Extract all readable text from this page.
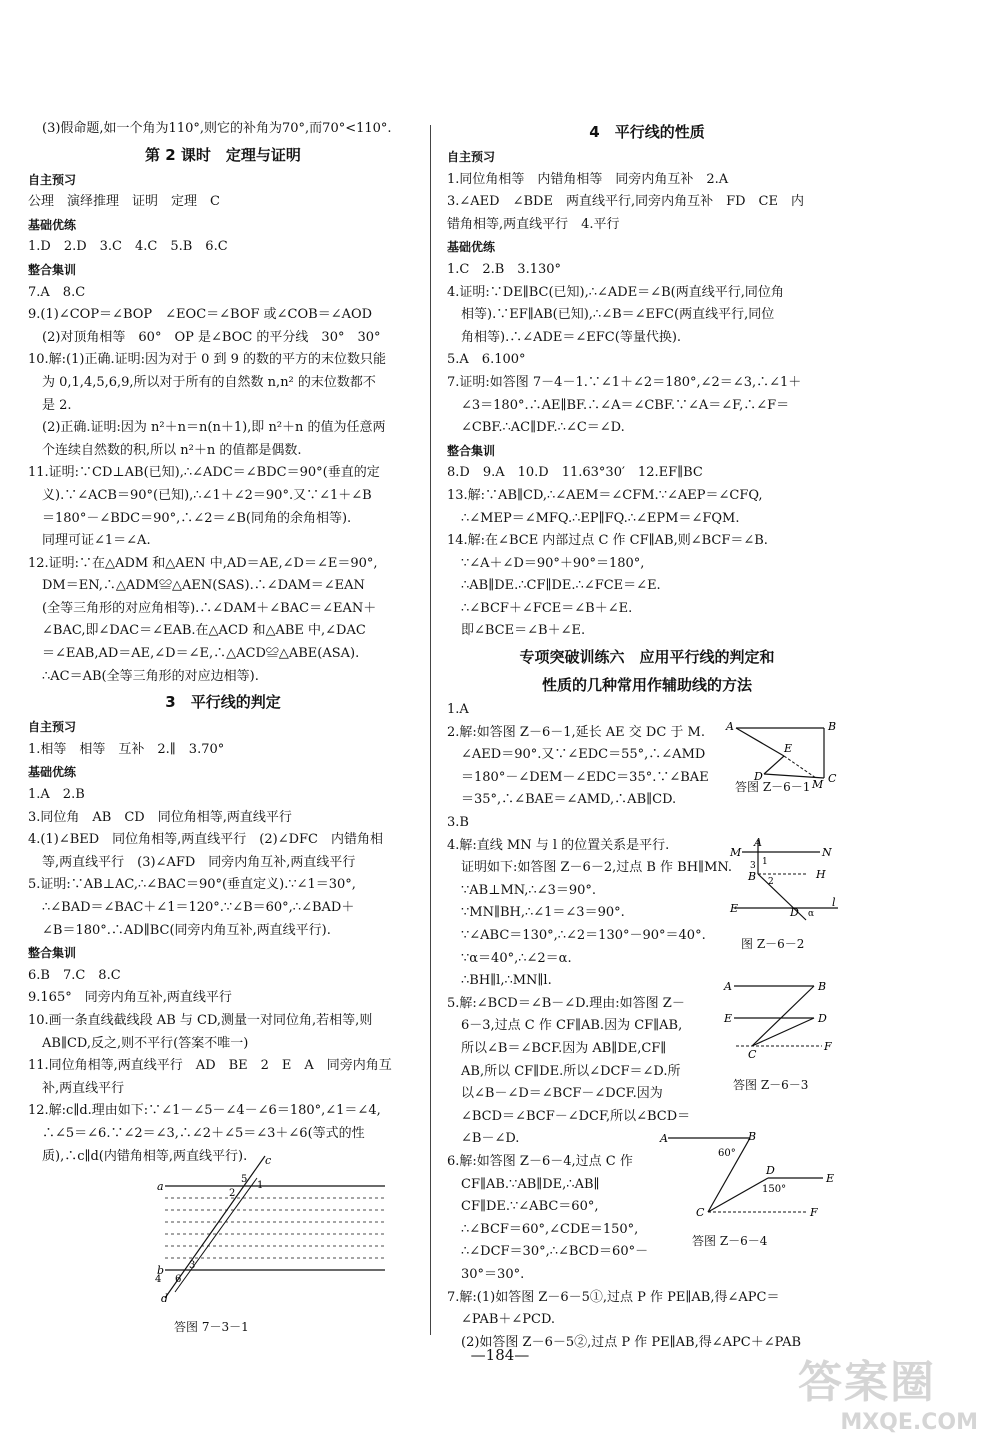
(3)假命题,如一个角为110°,则它的补角为70°,而70°<110°.
第 2 课时　定理与证明
自主预习
公理　演绎推理　证明　定理　C
基础优练
1.D　2.D　3.C　4.C　5.B　6.C
整合集训
7.A　8.C
9.(1)∠COP＝∠BOP　∠EOC＝∠BOF 或∠COB＝∠AOD
(2)对顶角相等　60°　OP 是∠BOC 的平分线　30°　30°
10.解:(1)正确.证明:因为对于 0 到 9 的数的平方的末位数只能
为 0,1,4,5,6,9,所以对于所有的自然数 n,n² 的末位数都不
是 2.
(2)正确.证明:因为 n²＋n＝n(n＋1),即 n²＋n 的值为任意两
个连续自然数的积,所以 n²＋n 的值都是偶数.
11.证明:∵CD⊥AB(已知),∴∠ADC＝∠BDC＝90°(垂直的定
义).∵∠ACB＝90°(已知),∴∠1＋∠2＝90°.又∵∠1＋∠B
＝180°－∠BDC＝90°,∴∠2＝∠B(同角的余角相等).
同理可证∠1＝∠A.
12.证明:∵在△ADM 和△AEN 中,AD＝AE,∠D＝∠E＝90°,
DM＝EN,∴△ADM≌△AEN(SAS).∴∠DAM＝∠EAN
(全等三角形的对应角相等).∴∠DAM＋∠BAC＝∠EAN＋
∠BAC,即∠DAC＝∠EAB.在△ACD 和△ABE 中,∠DAC
＝∠EAB,AD＝AE,∠D＝∠E,∴△ACD≌△ABE(ASA).
∴AC＝AB(全等三角形的对应边相等).
3　平行线的判定
自主预习
1.相等　相等　互补　2.∥　3.70°
基础优练
1.A　2.B
3.同位角　AB　CD　同位角相等,两直线平行
4.(1)∠BED　同位角相等,两直线平行　(2)∠DFC　内错角相
等,两直线平行　(3)∠AFD　同旁内角互补,两直线平行
5.证明:∵AB⊥AC,∴∠BAC＝90°(垂直定义).∵∠1＝30°,
∴∠BAD＝∠BAC＋∠1＝120°.∵∠B＝60°,∴∠BAD＋
∠B＝180°.∴AD∥BC(同旁内角互补,两直线平行).
整合集训
6.B　7.C　8.C
9.165°　同旁内角互补,两直线平行
10.画一条直线截线段 AB 与 CD,测量一对同位角,若相等,则
AB∥CD,反之,则不平行(答案不唯一)
11.同位角相等,两直线平行　AD　BE　2　E　A　同旁内角互
补,两直线平行
12.解:c∥d.理由如下:∵∠1－∠5－∠4－∠6＝180°,∠1＝∠4,
∴∠5＝∠6.∵∠2＝∠3,∴∠2＋∠5＝∠3＋∠6(等式的性
质),∴c∥d(内错角相等,两直线平行).
4　平行线的性质
自主预习
1.同位角相等　内错角相等　同旁内角互补　2.A
3.∠AED　∠BDE　两直线平行,同旁内角互补　FD　CE　内
错角相等,两直线平行　4.平行
基础优练
1.C　2.B　3.130°
4.证明:∵DE∥BC(已知),∴∠ADE＝∠B(两直线平行,同位角
相等).∵EF∥AB(已知),∴∠B＝∠EFC(两直线平行,同位
角相等).∴∠ADE＝∠EFC(等量代换).
5.A　6.100°
7.证明:如答图 7－4－1.∵∠1＋∠2＝180°,∠2＝∠3,∴∠1＋
∠3＝180°.∴AE∥BF.∴∠A＝∠CBF.∵∠A＝∠F,∴∠F＝
∠CBF.∴AC∥DF.∴∠C＝∠D.
整合集训
8.D　9.A　10.D　11.63°30′　12.EF∥BC
13.解:∵AB∥CD,∴∠AEM＝∠CFM.∵∠AEP＝∠CFQ,
∴∠MEP＝∠MFQ.∴EP∥FQ.∴∠EPM＝∠FQM.
14.解:在∠BCE 内部过点 C 作 CF∥AB,则∠BCF＝∠B.
∵∠A＋∠D＝90°＋90°＝180°,
∴AB∥DE.∴CF∥DE.∴∠FCE＝∠E.
∴∠BCF＋∠FCE＝∠B＋∠E.
即∠BCE＝∠B＋∠E.
专项突破训练六　应用平行线的判定和
性质的几种常用作辅助线的方法
1.A
2.解:如答图 Z－6－1,延长 AE 交 DC 于 M.
∠AED＝90°.又∵∠EDC＝55°,∴∠AMD
＝180°－∠DEM－∠EDC＝35°.∵∠BAE
＝35°,∴∠BAE＝∠AMD,∴AB∥CD.
3.B
4.解:直线 MN 与 l 的位置关系是平行.
证明如下:如答图 Z－6－2,过点 B 作 BH∥MN.
∵AB⊥MN,∴∠3＝90°.
∵MN∥BH,∴∠1＝∠3＝90°.
∵∠ABC＝130°,∴∠2＝130°－90°＝40°.
∵α＝40°,∴∠2＝α.
∴BH∥l,∴MN∥l.
5.解:∠BCD＝∠B－∠D.理由:如答图 Z－
6－3,过点 C 作 CF∥AB.因为 CF∥AB,
所以∠B＝∠BCF.因为 AB∥DE,CF∥
AB,所以 CF∥DE.所以∠DCF＝∠D.所
以∠B－∠D＝∠BCF－∠DCF.因为
∠BCD＝∠BCF－∠DCF,所以∠BCD＝
∠B－∠D.
6.解:如答图 Z－6－4,过点 C 作
CF∥AB.∵AB∥DE,∴AB∥
CF∥DE.∵∠ABC＝60°,
∴∠BCF＝60°,∠CDE＝150°,
∴∠DCF＝30°,∴∠BCD＝60°－
30°＝30°.
7.解:(1)如答图 Z－6－5①,过点 P 作 PE∥AB,得∠APC＝
∠PAB＋∠PCD.
(2)如答图 Z－6－5②,过点 P 作 PE∥AB,得∠APC＋∠PAB
a
b
c
d
1
2
3
4
5
6
答图 7－3－1
A	B
E
D
M C
答图 Z－6－1
M
A
N
B	H
E	D
l
1
2
3
α
图 Z－6－2
A	B
E	D
C
F
答图 Z－6－3
A	B
60°
D
E
150°
C	F
答图 Z－6－4
—184—
答案圈
MXQE.COM
